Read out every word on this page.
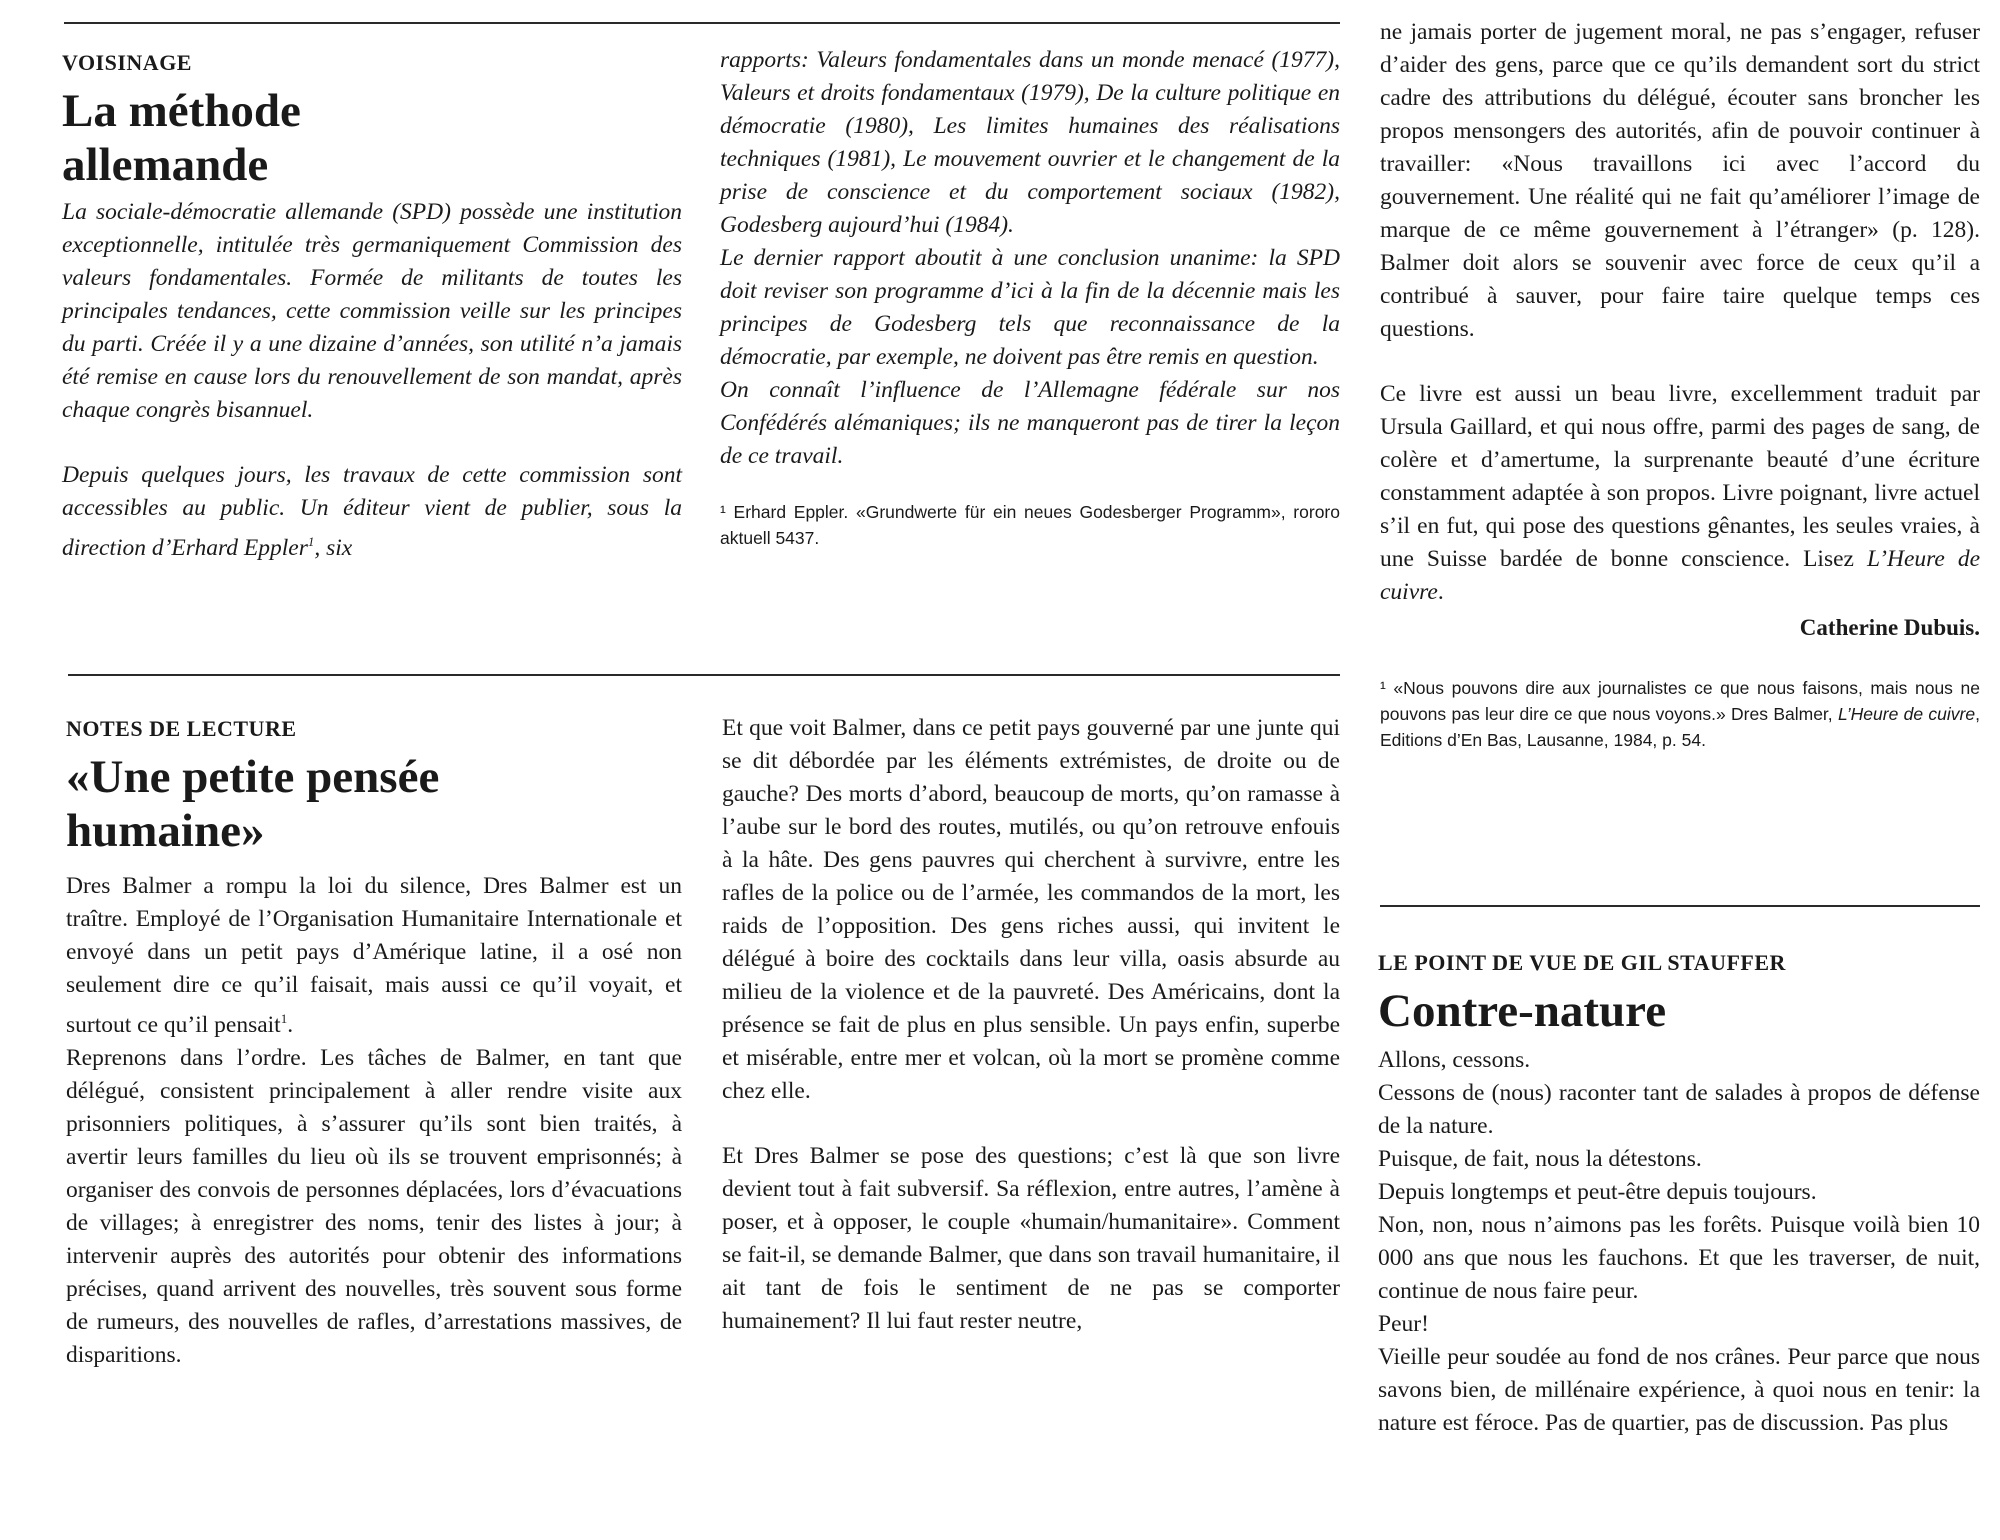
VOISINAGE
La méthode
allemande

La sociale-démocratie allemande (SPD) possède une institution exceptionnelle, intitulée très germaniquement Commission des valeurs fondamentales. Formée de militants de toutes les principales tendances, cette commission veille sur les principes du parti. Créée il y a une dizaine d’années, son utilité n’a jamais été remise en cause lors du renouvellement de son mandat, après chaque congrès bisannuel.

Depuis quelques jours, les travaux de cette commission sont accessibles au public. Un éditeur vient de publier, sous la direction d’Erhard Eppler$^1$, six

rapports: Valeurs fondamentales dans un monde menacé (1977), Valeurs et droits fondamentaux (1979), De la culture politique en démocratie (1980), Les limites humaines des réalisations techniques (1981), Le mouvement ouvrier et le changement de la prise de conscience et du comportement sociaux (1982), Godesberg aujourd’hui (1984).

Le dernier rapport aboutit à une conclusion unanime: la SPD doit reviser son programme d’ici à la fin de la décennie mais les principes de Godesberg tels que reconnaissance de la démocratie, par exemple, ne doivent pas être remis en question.

On connaît l’influence de l’Allemagne fédérale sur nos Confédérés alémaniques; ils ne manqueront pas de tirer la leçon de ce travail.

¹ Erhard Eppler. «Grundwerte für ein neues Godesberger Programm», rororo aktuell 5437.

NOTES DE LECTURE
«Une petite pensée
humaine»

Dres Balmer a rompu la loi du silence, Dres Balmer est un traître. Employé de l’Organisation Humanitaire Internationale et envoyé dans un petit pays d’Amérique latine, il a osé non seulement dire ce qu’il faisait, mais aussi ce qu’il voyait, et surtout ce qu’il pensait$^1$.

Reprenons dans l’ordre. Les tâches de Balmer, en tant que délégué, consistent principalement à aller rendre visite aux prisonniers politiques, à s’assurer qu’ils sont bien traités, à avertir leurs familles du lieu où ils se trouvent emprisonnés; à organiser des convois de personnes déplacées, lors d’évacuations de villages; à enregistrer des noms, tenir des listes à jour; à intervenir auprès des autorités pour obtenir des informations précises, quand arrivent des nouvelles, très souvent sous forme de rumeurs, des nouvelles de rafles, d’arrestations massives, de disparitions.

Et que voit Balmer, dans ce petit pays gouverné par une junte qui se dit débordée par les éléments extrémistes, de droite ou de gauche? Des morts d’abord, beaucoup de morts, qu’on ramasse à l’aube sur le bord des routes, mutilés, ou qu’on retrouve enfouis à la hâte. Des gens pauvres qui cherchent à survivre, entre les rafles de la police ou de l’armée, les commandos de la mort, les raids de l’opposition. Des gens riches aussi, qui invitent le délégué à boire des cocktails dans leur villa, oasis absurde au milieu de la violence et de la pauvreté. Des Américains, dont la présence se fait de plus en plus sensible. Un pays enfin, superbe et misérable, entre mer et volcan, où la mort se promène comme chez elle.

Et Dres Balmer se pose des questions; c’est là que son livre devient tout à fait subversif. Sa réflexion, entre autres, l’amène à poser, et à opposer, le couple «humain/humanitaire». Comment se fait-il, se demande Balmer, que dans son travail humanitaire, il ait tant de fois le sentiment de ne pas se comporter humainement? Il lui faut rester neutre,

ne jamais porter de jugement moral, ne pas s’engager, refuser d’aider des gens, parce que ce qu’ils demandent sort du strict cadre des attributions du délégué, écouter sans broncher les propos mensongers des autorités, afin de pouvoir continuer à travailler: «Nous travaillons ici avec l’accord du gouvernement. Une réalité qui ne fait qu’améliorer l’image de marque de ce même gouvernement à l’étranger» (p. 128). Balmer doit alors se souvenir avec force de ceux qu’il a contribué à sauver, pour faire taire quelque temps ces questions.

Ce livre est aussi un beau livre, excellemment traduit par Ursula Gaillard, et qui nous offre, parmi des pages de sang, de colère et d’amertume, la surprenante beauté d’une écriture constamment adaptée à son propos. Livre poignant, livre actuel s’il en fut, qui pose des questions gênantes, les seules vraies, à une Suisse bardée de bonne conscience. Lisez L’Heure de cuivre.

Catherine Dubuis.

¹ «Nous pouvons dire aux journalistes ce que nous faisons, mais nous ne pouvons pas leur dire ce que nous voyons.» Dres Balmer, L’Heure de cuivre, Editions d’En Bas, Lausanne, 1984, p. 54.

LE POINT DE VUE DE GIL STAUFFER
Contre-nature

Allons, cessons.

Cessons de (nous) raconter tant de salades à propos de défense de la nature.

Puisque, de fait, nous la détestons.

Depuis longtemps et peut-être depuis toujours.

Non, non, nous n’aimons pas les forêts. Puisque voilà bien 10 000 ans que nous les fauchons. Et que les traverser, de nuit, continue de nous faire peur.

Peur!

Vieille peur soudée au fond de nos crânes. Peur parce que nous savons bien, de millénaire expérience, à quoi nous en tenir: la nature est féroce. Pas de quartier, pas de discussion. Pas plus
